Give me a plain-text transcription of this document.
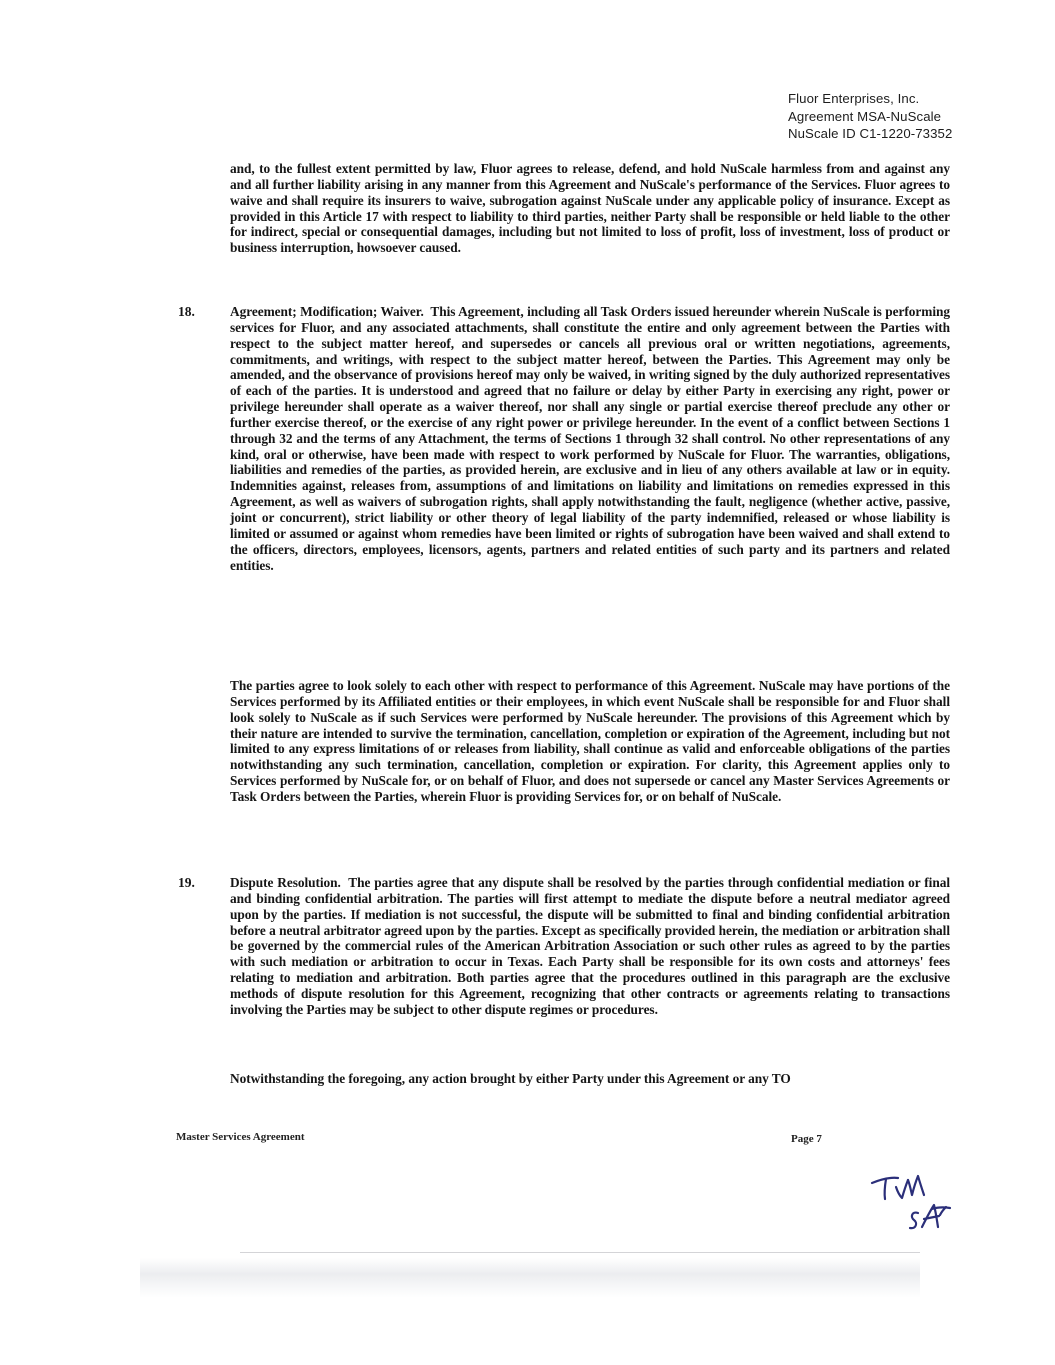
Fluor Enterprises, Inc.
Agreement MSA-NuScale
NuScale ID C1-1220-73352

and, to the fullest extent permitted by law, Fluor agrees to release, defend, and hold NuScale harmless from and against any and all further liability arising in any manner from this Agreement and NuScale's performance of the Services. Fluor agrees to waive and shall require its insurers to waive, subrogation against NuScale under any applicable policy of insurance. Except as provided in this Article 17 with respect to liability to third parties, neither Party shall be responsible or held liable to the other for indirect, special or consequential damages, including but not limited to loss of profit, loss of investment, loss of product or business interruption, howsoever caused.

18.	Agreement; Modification; Waiver. This Agreement, including all Task Orders issued hereunder wherein NuScale is performing services for Fluor, and any associated attachments, shall constitute the entire and only agreement between the Parties with respect to the subject matter hereof, and supersedes or cancels all previous oral or written negotiations, agreements, commitments, and writings, with respect to the subject matter hereof, between the Parties. This Agreement may only be amended, and the observance of provisions hereof may only be waived, in writing signed by the duly authorized representatives of each of the parties. It is understood and agreed that no failure or delay by either Party in exercising any right, power or privilege hereunder shall operate as a waiver thereof, nor shall any single or partial exercise thereof preclude any other or further exercise thereof, or the exercise of any right power or privilege hereunder. In the event of a conflict between Sections 1 through 32 and the terms of any Attachment, the terms of Sections 1 through 32 shall control. No other representations of any kind, oral or otherwise, have been made with respect to work performed by NuScale for Fluor. The warranties, obligations, liabilities and remedies of the parties, as provided herein, are exclusive and in lieu of any others available at law or in equity. Indemnities against, releases from, assumptions of and limitations on liability and limitations on remedies expressed in this Agreement, as well as waivers of subrogation rights, shall apply notwithstanding the fault, negligence (whether active, passive, joint or concurrent), strict liability or other theory of legal liability of the party indemnified, released or whose liability is limited or assumed or against whom remedies have been limited or rights of subrogation have been waived and shall extend to the officers, directors, employees, licensors, agents, partners and related entities of such party and its partners and related entities.

The parties agree to look solely to each other with respect to performance of this Agreement. NuScale may have portions of the Services performed by its Affiliated entities or their employees, in which event NuScale shall be responsible for and Fluor shall look solely to NuScale as if such Services were performed by NuScale hereunder. The provisions of this Agreement which by their nature are intended to survive the termination, cancellation, completion or expiration of the Agreement, including but not limited to any express limitations of or releases from liability, shall continue as valid and enforceable obligations of the parties notwithstanding any such termination, cancellation, completion or expiration. For clarity, this Agreement applies only to Services performed by NuScale for, or on behalf of Fluor, and does not supersede or cancel any Master Services Agreements or Task Orders between the Parties, wherein Fluor is providing Services for, or on behalf of NuScale.

19.	Dispute Resolution. The parties agree that any dispute shall be resolved by the parties through confidential mediation or final and binding confidential arbitration. The parties will first attempt to mediate the dispute before a neutral mediator agreed upon by the parties. If mediation is not successful, the dispute will be submitted to final and binding confidential arbitration before a neutral arbitrator agreed upon by the parties. Except as specifically provided herein, the mediation or arbitration shall be governed by the commercial rules of the American Arbitration Association or such other rules as agreed to by the parties with such mediation or arbitration to occur in Texas. Each Party shall be responsible for its own costs and attorneys' fees relating to mediation and arbitration. Both parties agree that the procedures outlined in this paragraph are the exclusive methods of dispute resolution for this Agreement, recognizing that other contracts or agreements relating to transactions involving the Parties may be subject to other dispute regimes or procedures.

Notwithstanding the foregoing, any action brought by either Party under this Agreement or any TO

Master Services Agreement	Page 7
